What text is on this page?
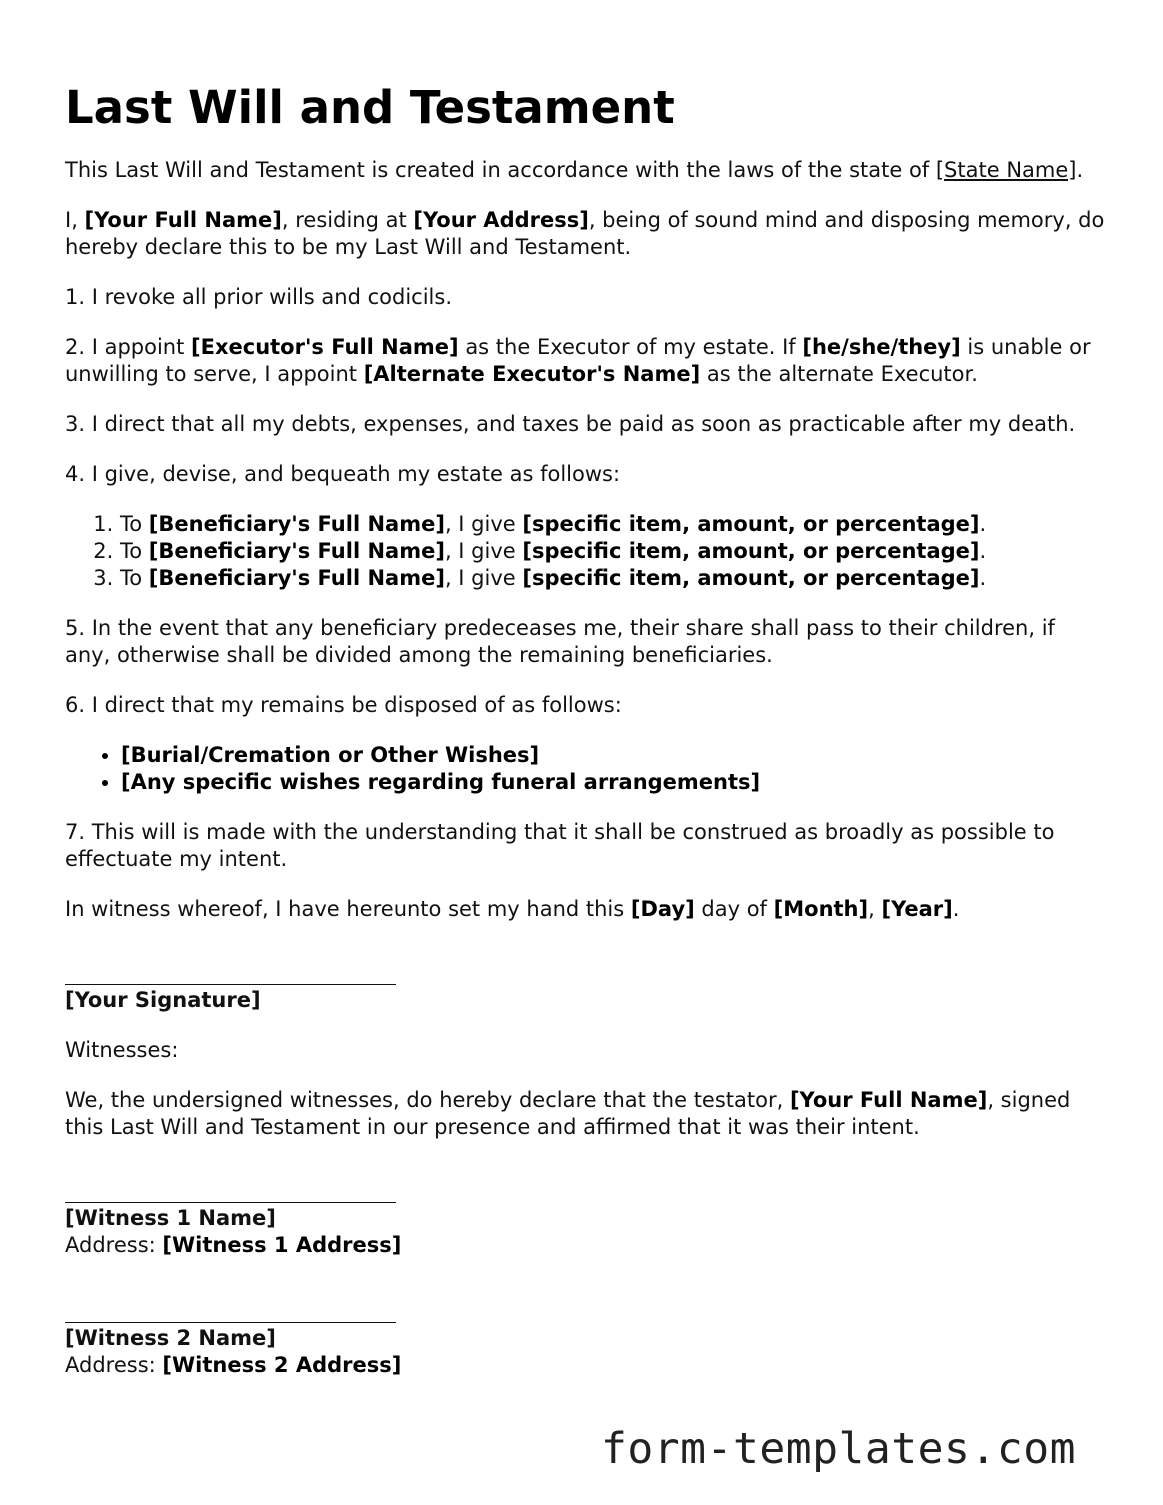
Last Will and Testament

This Last Will and Testament is created in accordance with the laws of the state of [State Name].

I, [Your Full Name], residing at [Your Address], being of sound mind and disposing memory, do hereby declare this to be my Last Will and Testament.

1. I revoke all prior wills and codicils.

2. I appoint [Executor's Full Name] as the Executor of my estate. If [he/she/they] is unable or unwilling to serve, I appoint [Alternate Executor's Name] as the alternate Executor.

3. I direct that all my debts, expenses, and taxes be paid as soon as practicable after my death.

4. I give, devise, and bequeath my estate as follows:

1. To [Beneficiary's Full Name], I give [specific item, amount, or percentage].
2. To [Beneficiary's Full Name], I give [specific item, amount, or percentage].
3. To [Beneficiary's Full Name], I give [specific item, amount, or percentage].

5. In the event that any beneficiary predeceases me, their share shall pass to their children, if any, otherwise shall be divided among the remaining beneficiaries.

6. I direct that my remains be disposed of as follows:

• [Burial/Cremation or Other Wishes]
• [Any specific wishes regarding funeral arrangements]

7. This will is made with the understanding that it shall be construed as broadly as possible to effectuate my intent.

In witness whereof, I have hereunto set my hand this [Day] day of [Month], [Year].

[Your Signature]

Witnesses:

We, the undersigned witnesses, do hereby declare that the testator, [Your Full Name], signed this Last Will and Testament in our presence and affirmed that it was their intent.

[Witness 1 Name]
Address: [Witness 1 Address]
[Witness 2 Name]
Address: [Witness 2 Address]
form-templates.com
